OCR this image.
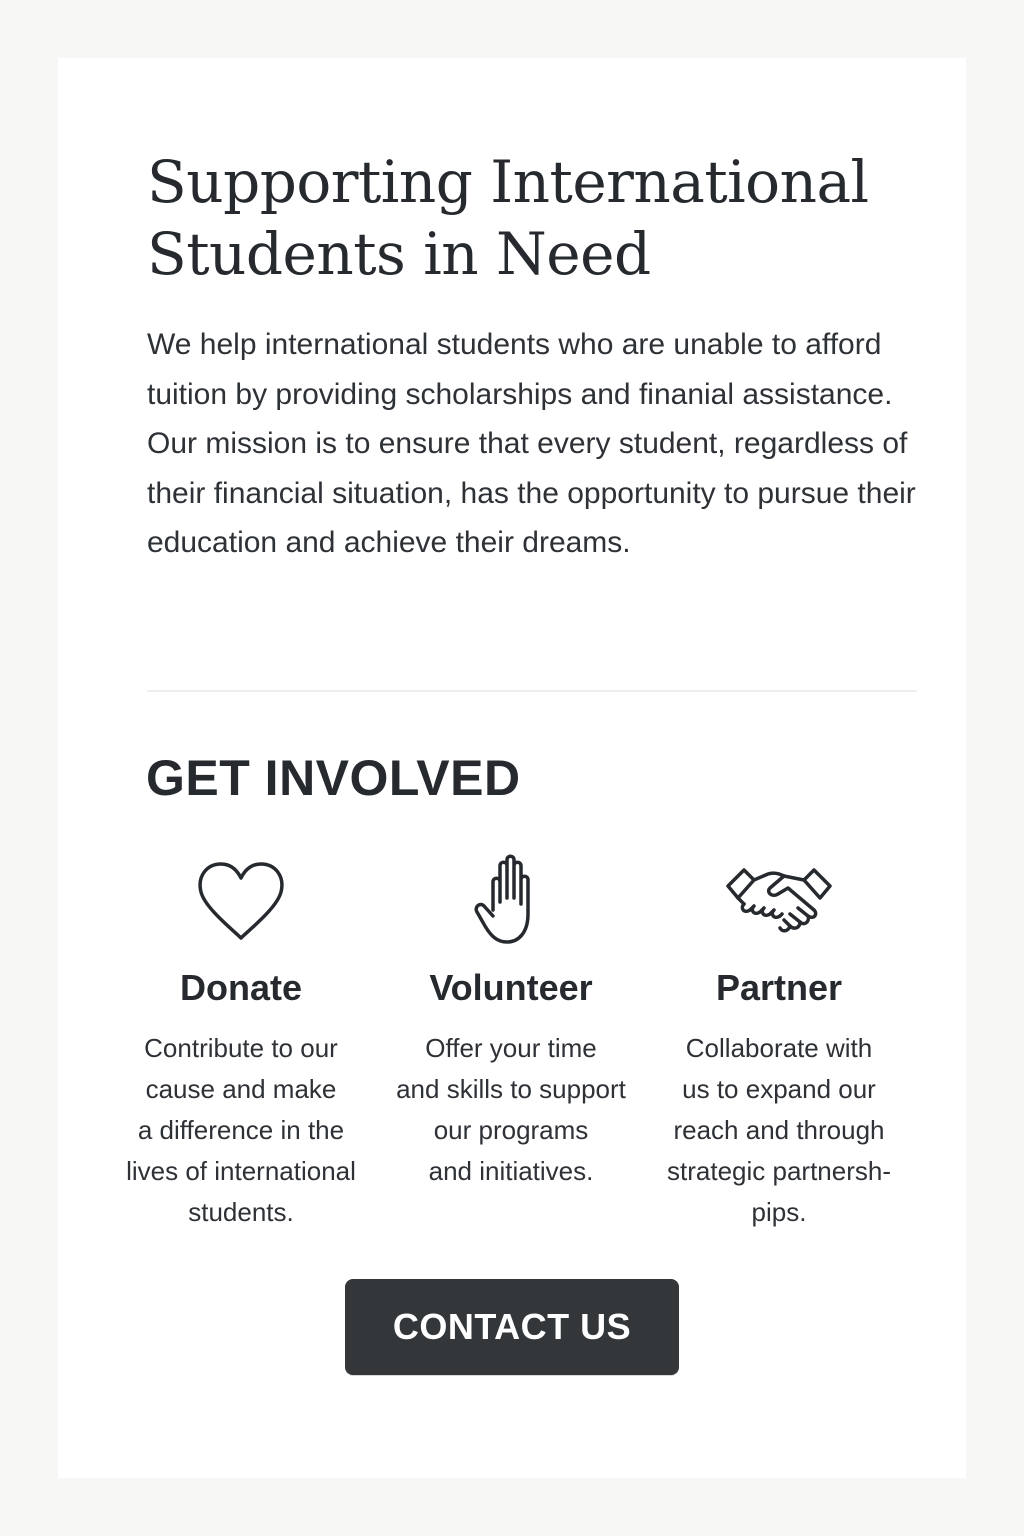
Supporting International Students in Need

We help international students who are unable to afford tuition by providing scholarships and finanial assistance. Our mission is to ensure that every student, regardless of their financial situation, has the opportunity to pursue their education and achieve their dreams.

GET INVOLVED
Donate

Contribute to our
cause and make
a difference in the
lives of international
students.

Volunteer

Offer your time
and skills to support
our programs
and initiatives.

Partner

Collaborate with
us to expand our
reach and through
strategic partnersh-
pips.

CONTACT US
